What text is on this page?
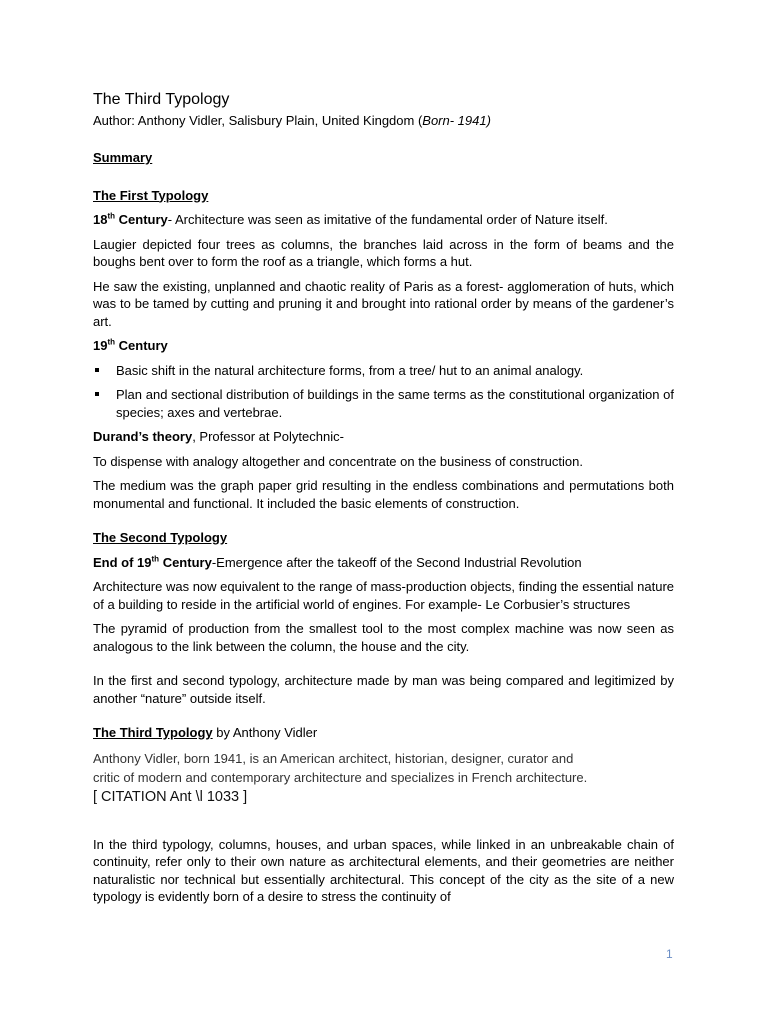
The Third Typology

Author: Anthony Vidler, Salisbury Plain, United Kingdom (Born- 1941)

Summary

The First Typology

18th Century- Architecture was seen as imitative of the fundamental order of Nature itself.

Laugier depicted four trees as columns, the branches laid across in the form of beams and the boughs bent over to form the roof as a triangle, which forms a hut.

He saw the existing, unplanned and chaotic reality of Paris as a forest- agglomeration of huts, which was to be tamed by cutting and pruning it and brought into rational order by means of the gardener’s art.

19th Century

Basic shift in the natural architecture forms, from a tree/ hut to an animal analogy.
Plan and sectional distribution of buildings in the same terms as the constitutional organization of species; axes and vertebrae.

Durand’s theory, Professor at Polytechnic-

To dispense with analogy altogether and concentrate on the business of construction.

The medium was the graph paper grid resulting in the endless combinations and permutations both monumental and functional. It included the basic elements of construction.

The Second Typology

End of 19th Century-Emergence after the takeoff of the Second Industrial Revolution

Architecture was now equivalent to the range of mass-production objects, finding the essential nature of a building to reside in the artificial world of engines. For example- Le Corbusier’s structures

The pyramid of production from the smallest tool to the most complex machine was now seen as analogous to the link between the column, the house and the city.

In the first and second typology, architecture made by man was being compared and legitimized by another “nature” outside itself.

The Third Typology by Anthony Vidler

Anthony Vidler, born 1941, is an American architect, historian, designer, curator and

critic of modern and contemporary architecture and specializes in French architecture.

[ CITATION Ant \l 1033 ]

In the third typology, columns, houses, and urban spaces, while linked in an unbreakable chain of continuity, refer only to their own nature as architectural elements, and their geometries are neither naturalistic nor technical but essentially architectural. This concept of the city as the site of a new typology is evidently born of a desire to stress the continuity of

1
